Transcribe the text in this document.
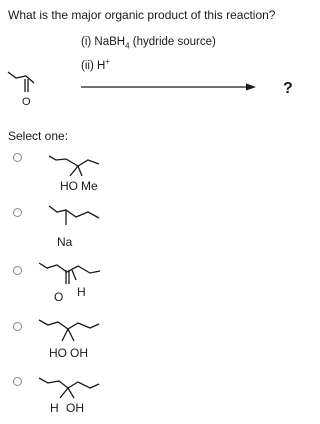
What is the major organic product of this reaction?
(i) NaBH$_4$ (hydride source)
(ii) H+
O
?
HO Me
Na
O H
HO OH
H OH
Select one:
